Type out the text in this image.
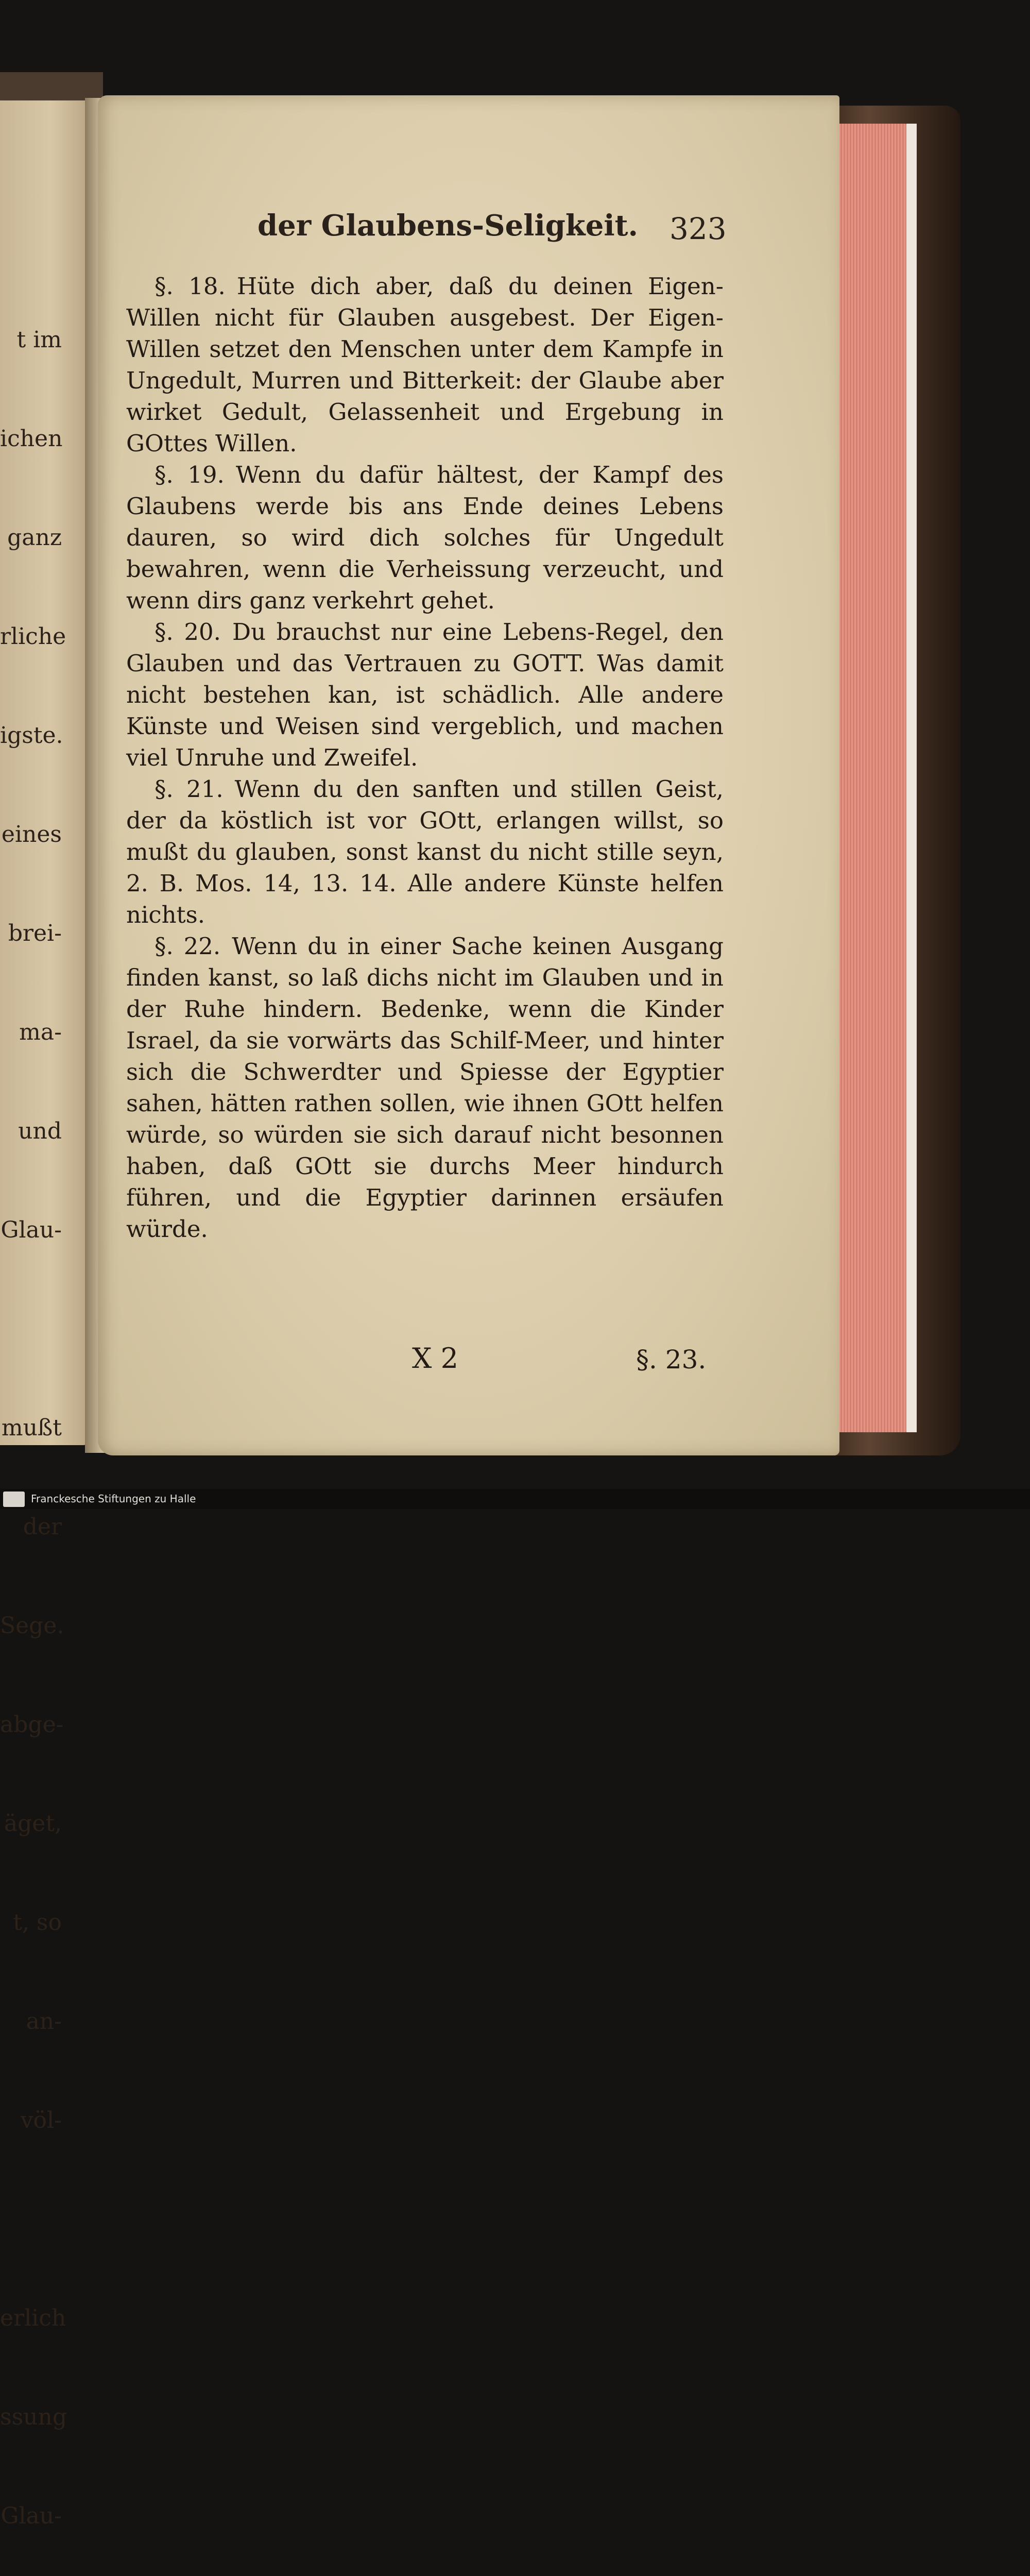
t im

ichen

ganz

rliche

igste.

eines

brei-

ma-

und

Glau-

mußt

der

Sege.

abge-

äget,

t, so

an-

völ-

erlich

ssung

Glau-

der Glaubens-Seligkeit.	323

§. 18. Hüte dich aber, daß du deinen Eigen-Willen nicht für Glauben ausgebest. Der Eigen-Willen setzet den Menschen unter dem Kampfe in Ungedult, Murren und Bitterkeit: der Glaube aber wirket Gedult, Gelassenheit und Ergebung in GOttes Willen.

§. 19. Wenn du dafür hältest, der Kampf des Glaubens werde bis ans Ende deines Lebens dauren, so wird dich solches für Ungedult bewahren, wenn die Verheissung verzeucht, und wenn dirs ganz verkehrt gehet.

§. 20. Du brauchst nur eine Lebens-Regel, den Glauben und das Vertrauen zu GOTT. Was damit nicht bestehen kan, ist schädlich. Alle andere Künste und Weisen sind vergeblich, und machen viel Unruhe und Zweifel.

§. 21. Wenn du den sanften und stillen Geist, der da köstlich ist vor GOtt, erlangen willst, so mußt du glauben, sonst kanst du nicht stille seyn, 2. B. Mos. 14, 13. 14. Alle andere Künste helfen nichts.

§. 22. Wenn du in einer Sache keinen Ausgang finden kanst, so laß dichs nicht im Glauben und in der Ruhe hindern. Bedenke, wenn die Kinder Israel, da sie vorwärts das Schilf-Meer, und hinter sich die Schwerdter und Spiesse der Egyptier sahen, hätten rathen sollen, wie ihnen GOtt helfen würde, so würden sie sich darauf nicht besonnen haben, daß GOtt sie durchs Meer hindurch führen, und die Egyptier darinnen ersäufen würde.

X 2	§. 23.
Franckesche Stiftungen zu Halle
